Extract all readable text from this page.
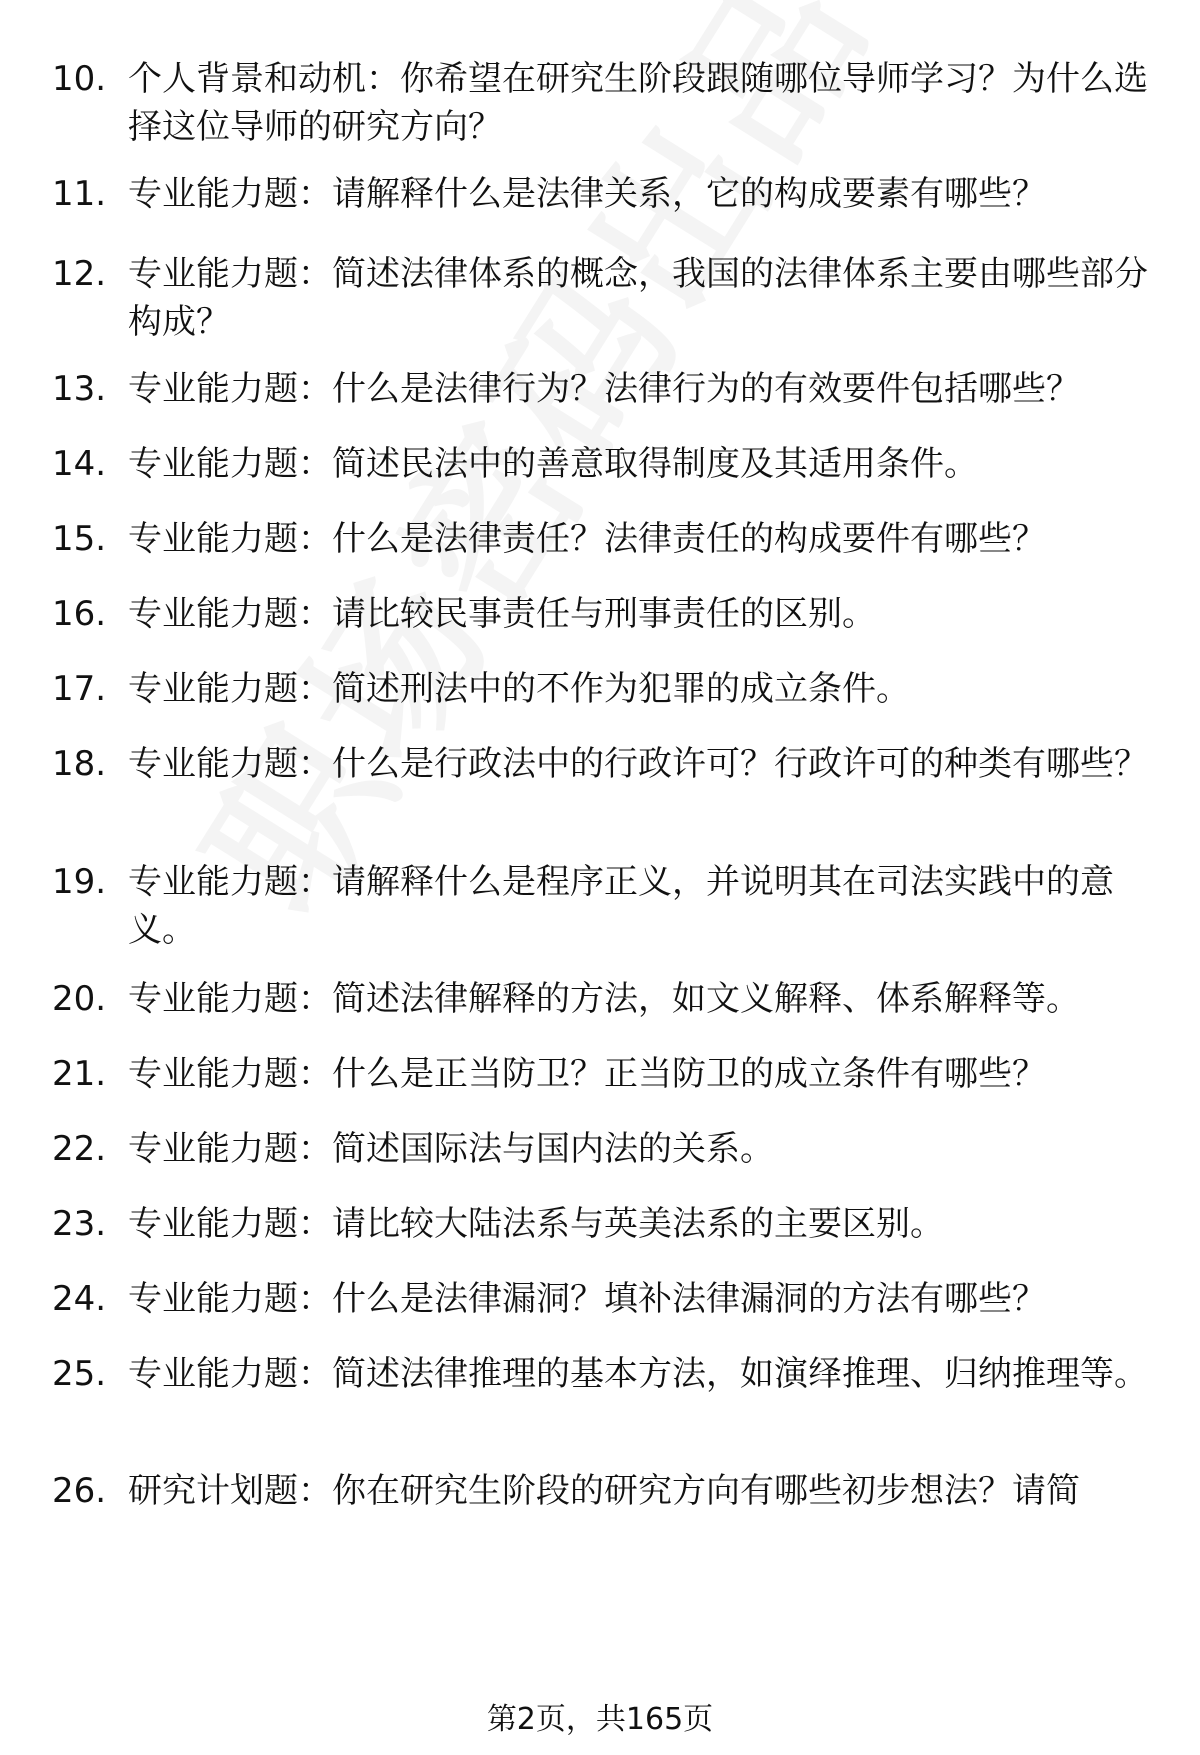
10. 个人背景和动机：你希望在研究生阶段跟随哪位导师学习？为什么选择这位导师的研究方向？
11. 专业能力题：请解释什么是法律关系，它的构成要素有哪些？
12. 专业能力题：简述法律体系的概念，我国的法律体系主要由哪些部分构成？
13. 专业能力题：什么是法律行为？法律行为的有效要件包括哪些？
14. 专业能力题：简述民法中的善意取得制度及其适用条件。
15. 专业能力题：什么是法律责任？法律责任的构成要件有哪些？
16. 专业能力题：请比较民事责任与刑事责任的区别。
17. 专业能力题：简述刑法中的不作为犯罪的成立条件。
18. 专业能力题：什么是行政法中的行政许可？行政许可的种类有哪些？
19. 专业能力题：请解释什么是程序正义，并说明其在司法实践中的意义。
20. 专业能力题：简述法律解释的方法，如文义解释、体系解释等。
21. 专业能力题：什么是正当防卫？正当防卫的成立条件有哪些？
22. 专业能力题：简述国际法与国内法的关系。
23. 专业能力题：请比较大陆法系与英美法系的主要区别。
24. 专业能力题：什么是法律漏洞？填补法律漏洞的方法有哪些？
25. 专业能力题：简述法律推理的基本方法，如演绎推理、归纳推理等。
26. 研究计划题：你在研究生阶段的研究方向有哪些初步想法？请简
第2页，共165页
